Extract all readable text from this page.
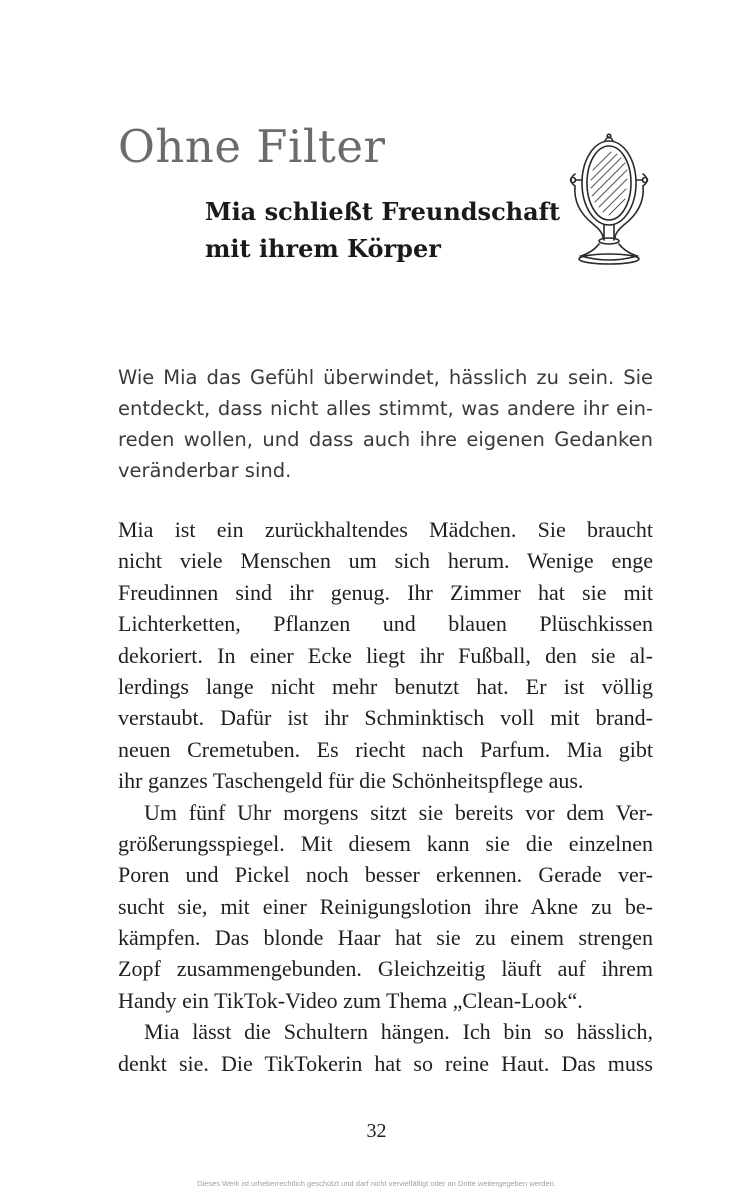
Ohne Filter
Mia schließt Freundschaft
mit ihrem Körper

Wie Mia das Gefühl überwindet, hässlich zu sein. Sie
entdeckt, dass nicht alles stimmt, was andere ihr ein-
reden wollen, und dass auch ihre eigenen Gedanken
veränderbar sind.

Mia ist ein zurückhaltendes Mädchen. Sie braucht
nicht viele Menschen um sich herum. Wenige enge
Freudinnen sind ihr genug. Ihr Zimmer hat sie mit
Lichterketten, Pflanzen und blauen Plüschkissen
dekoriert. In einer Ecke liegt ihr Fußball, den sie al-
lerdings lange nicht mehr benutzt hat. Er ist völlig
verstaubt. Dafür ist ihr Schminktisch voll mit brand-
neuen Cremetuben. Es riecht nach Parfum. Mia gibt
ihr ganzes Taschengeld für die Schönheitspflege aus.
Um fünf Uhr morgens sitzt sie bereits vor dem Ver-
größerungsspiegel. Mit diesem kann sie die einzelnen
Poren und Pickel noch besser erkennen. Gerade ver-
sucht sie, mit einer Reinigungslotion ihre Akne zu be-
kämpfen. Das blonde Haar hat sie zu einem strengen
Zopf zusammengebunden. Gleichzeitig läuft auf ihrem
Handy ein TikTok-Video zum Thema „Clean-Look“.
Mia lässt die Schultern hängen. Ich bin so hässlich,
denkt sie. Die TikTokerin hat so reine Haut. Das muss

32
Dieses Werk ist urheberrechtlich geschützt und darf nicht vervielfältigt oder an Dritte weitergegeben werden.
